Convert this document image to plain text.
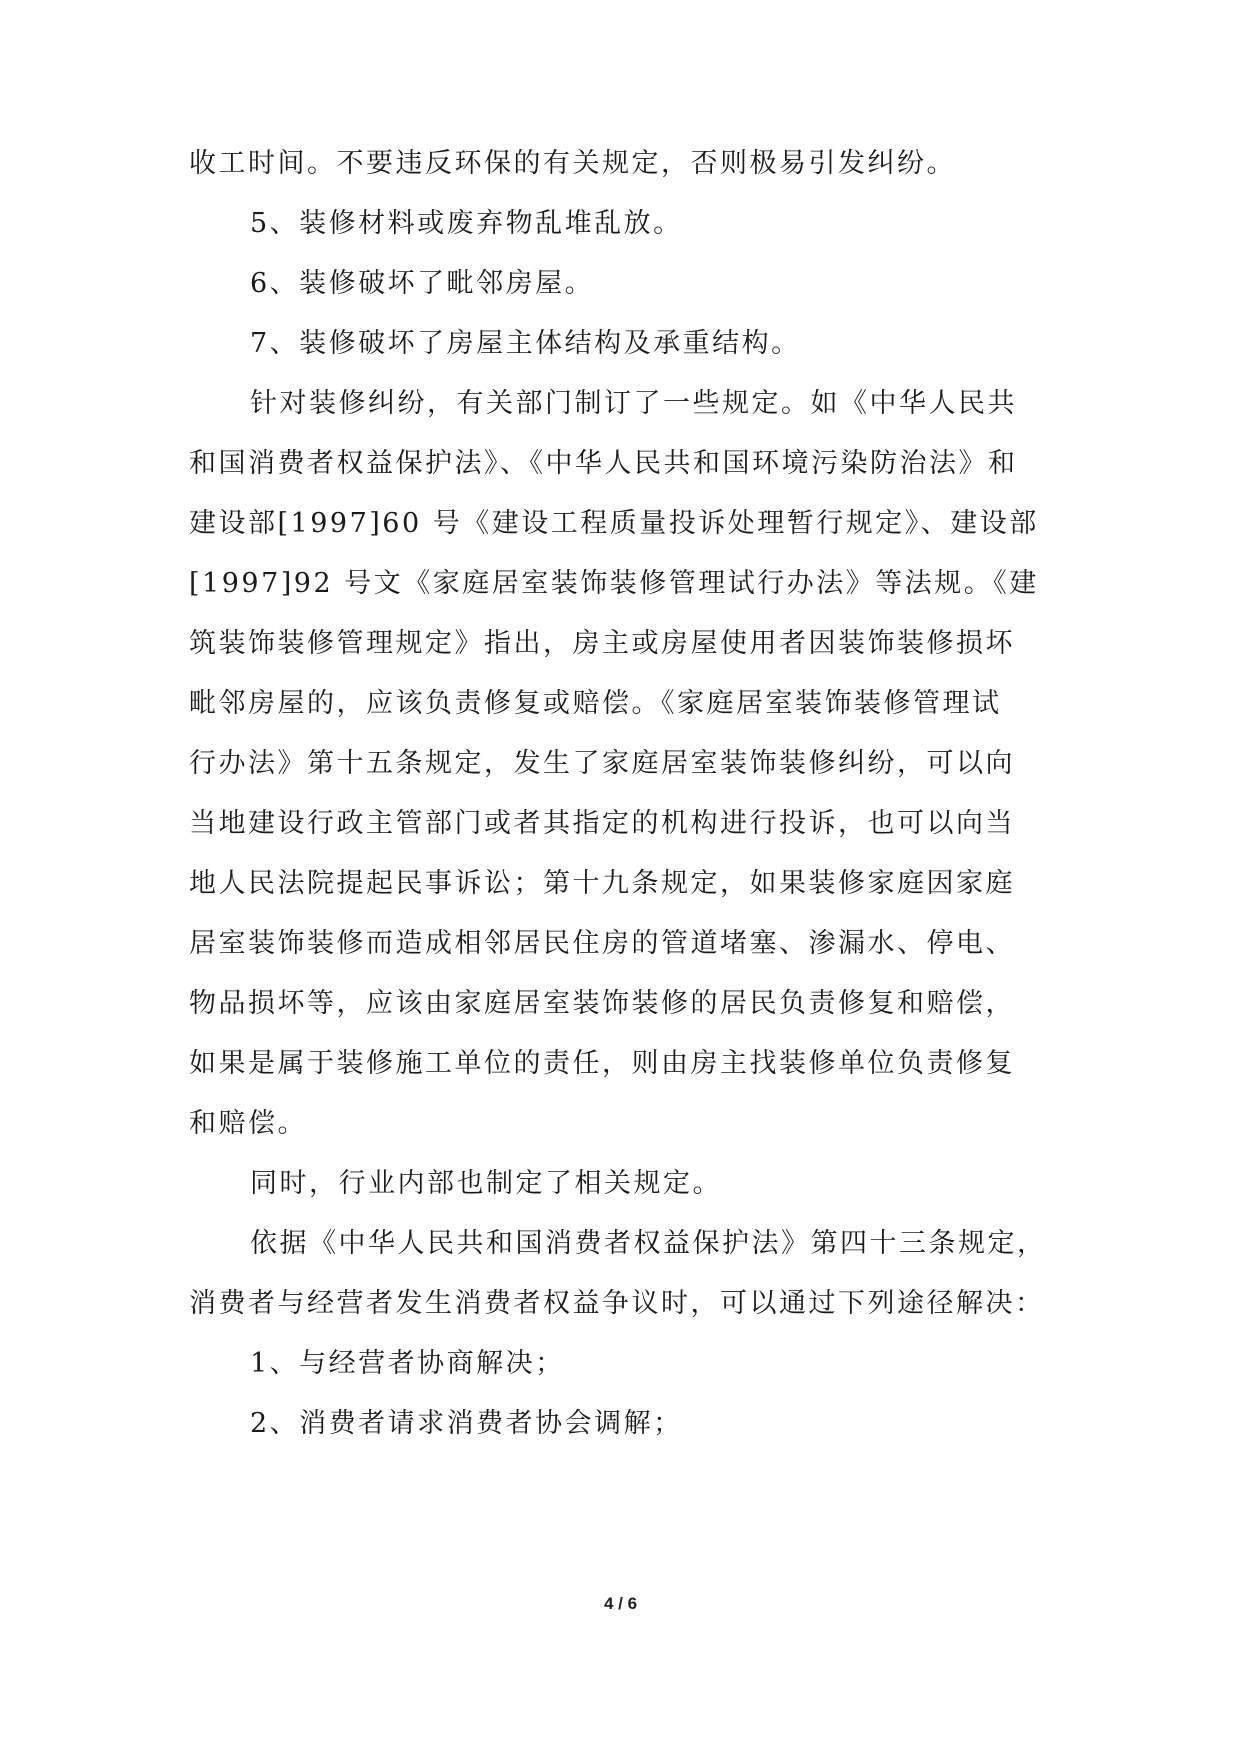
收工时间。不要违反环保的有关规定，否则极易引发纠纷。
5、装修材料或废弃物乱堆乱放。
6、装修破坏了毗邻房屋。
7、装修破坏了房屋主体结构及承重结构。
针对装修纠纷，有关部门制订了一些规定。如《中华人民共
和国消费者权益保护法》、《中华人民共和国环境污染防治法》和
建设部[1997]60 号《建设工程质量投诉处理暂行规定》、建设部
[1997]92 号文《家庭居室装饰装修管理试行办法》等法规。《建
筑装饰装修管理规定》指出，房主或房屋使用者因装饰装修损坏
毗邻房屋的，应该负责修复或赔偿。《家庭居室装饰装修管理试
行办法》第十五条规定，发生了家庭居室装饰装修纠纷，可以向
当地建设行政主管部门或者其指定的机构进行投诉，也可以向当
地人民法院提起民事诉讼；第十九条规定，如果装修家庭因家庭
居室装饰装修而造成相邻居民住房的管道堵塞、渗漏水、停电、
物品损坏等，应该由家庭居室装饰装修的居民负责修复和赔偿，
如果是属于装修施工单位的责任，则由房主找装修单位负责修复
和赔偿。
同时，行业内部也制定了相关规定。
依据《中华人民共和国消费者权益保护法》第四十三条规定，
消费者与经营者发生消费者权益争议时，可以通过下列途径解决：
1、与经营者协商解决；
2、消费者请求消费者协会调解；
4 / 6
